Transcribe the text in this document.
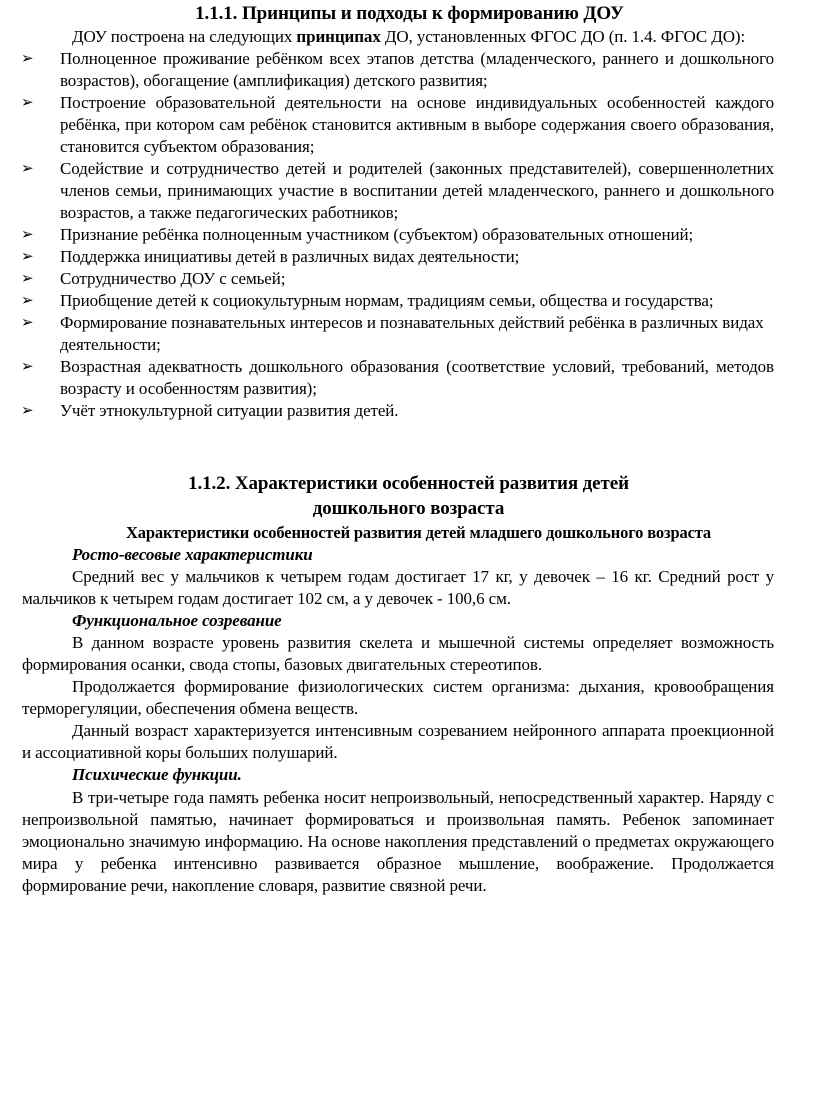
1.1.1. Принципы и подходы к формированию ДОУ

ДОУ построена на следующих принципах ДО, установленных ФГОС ДО (п. 1.4. ФГОС ДО):

➢	Полноценное проживание ребёнком всех этапов детства (младенческого, раннего и дошкольного возрастов), обогащение (амплификация) детского развития;
➢	Построение образовательной деятельности на основе индивидуальных особенностей каждого ребёнка, при котором сам ребёнок становится активным в выборе содержания своего образования, становится субъектом образования;
➢	Содействие и сотрудничество детей и родителей (законных представителей), совершеннолетних членов семьи, принимающих участие в воспитании детей младенческого, раннего и дошкольного возрастов, а также педагогических работников;
➢	Признание ребёнка полноценным участником (субъектом) образовательных отношений;
➢	Поддержка инициативы детей в различных видах деятельности;
➢	Сотрудничество ДОУ с семьей;
➢	Приобщение детей к социокультурным нормам, традициям семьи, общества и государства;
➢	Формирование познавательных интересов и познавательных действий ребёнка в различных видах деятельности;
➢	Возрастная адекватность дошкольного образования (соответствие условий, требований, методов возрасту и особенностям развития);
➢	Учёт этнокультурной ситуации развития детей.
1.1.2. Характеристики особенностей развития детей
дошкольного возраста
Характеристики особенностей развития детей младшего дошкольного возраста

Росто-весовые характеристики

Средний вес у мальчиков к четырем годам достигает 17 кг, у девочек – 16 кг. Средний рост у мальчиков к четырем годам достигает 102 см, а у девочек - 100,6 см.

Функциональное созревание

В данном возрасте уровень развития скелета и мышечной системы определяет возможность формирования осанки, свода стопы, базовых двигательных стереотипов.

Продолжается формирование физиологических систем организма: дыхания, кровообращения терморегуляции, обеспечения обмена веществ.

Данный возраст характеризуется интенсивным созреванием нейронного аппарата проекционной и ассоциативной коры больших полушарий.

Психические функции.

В три-четыре года память ребенка носит непроизвольный, непосредственный характер. Наряду с непроизвольной памятью, начинает формироваться и произвольная память. Ребенок запоминает эмоционально значимую информацию. На основе накопления представлений о предметах окружающего мира у ребенка интенсивно развивается образное мышление, воображение. Продолжается формирование речи, накопление словаря, развитие связной речи.
